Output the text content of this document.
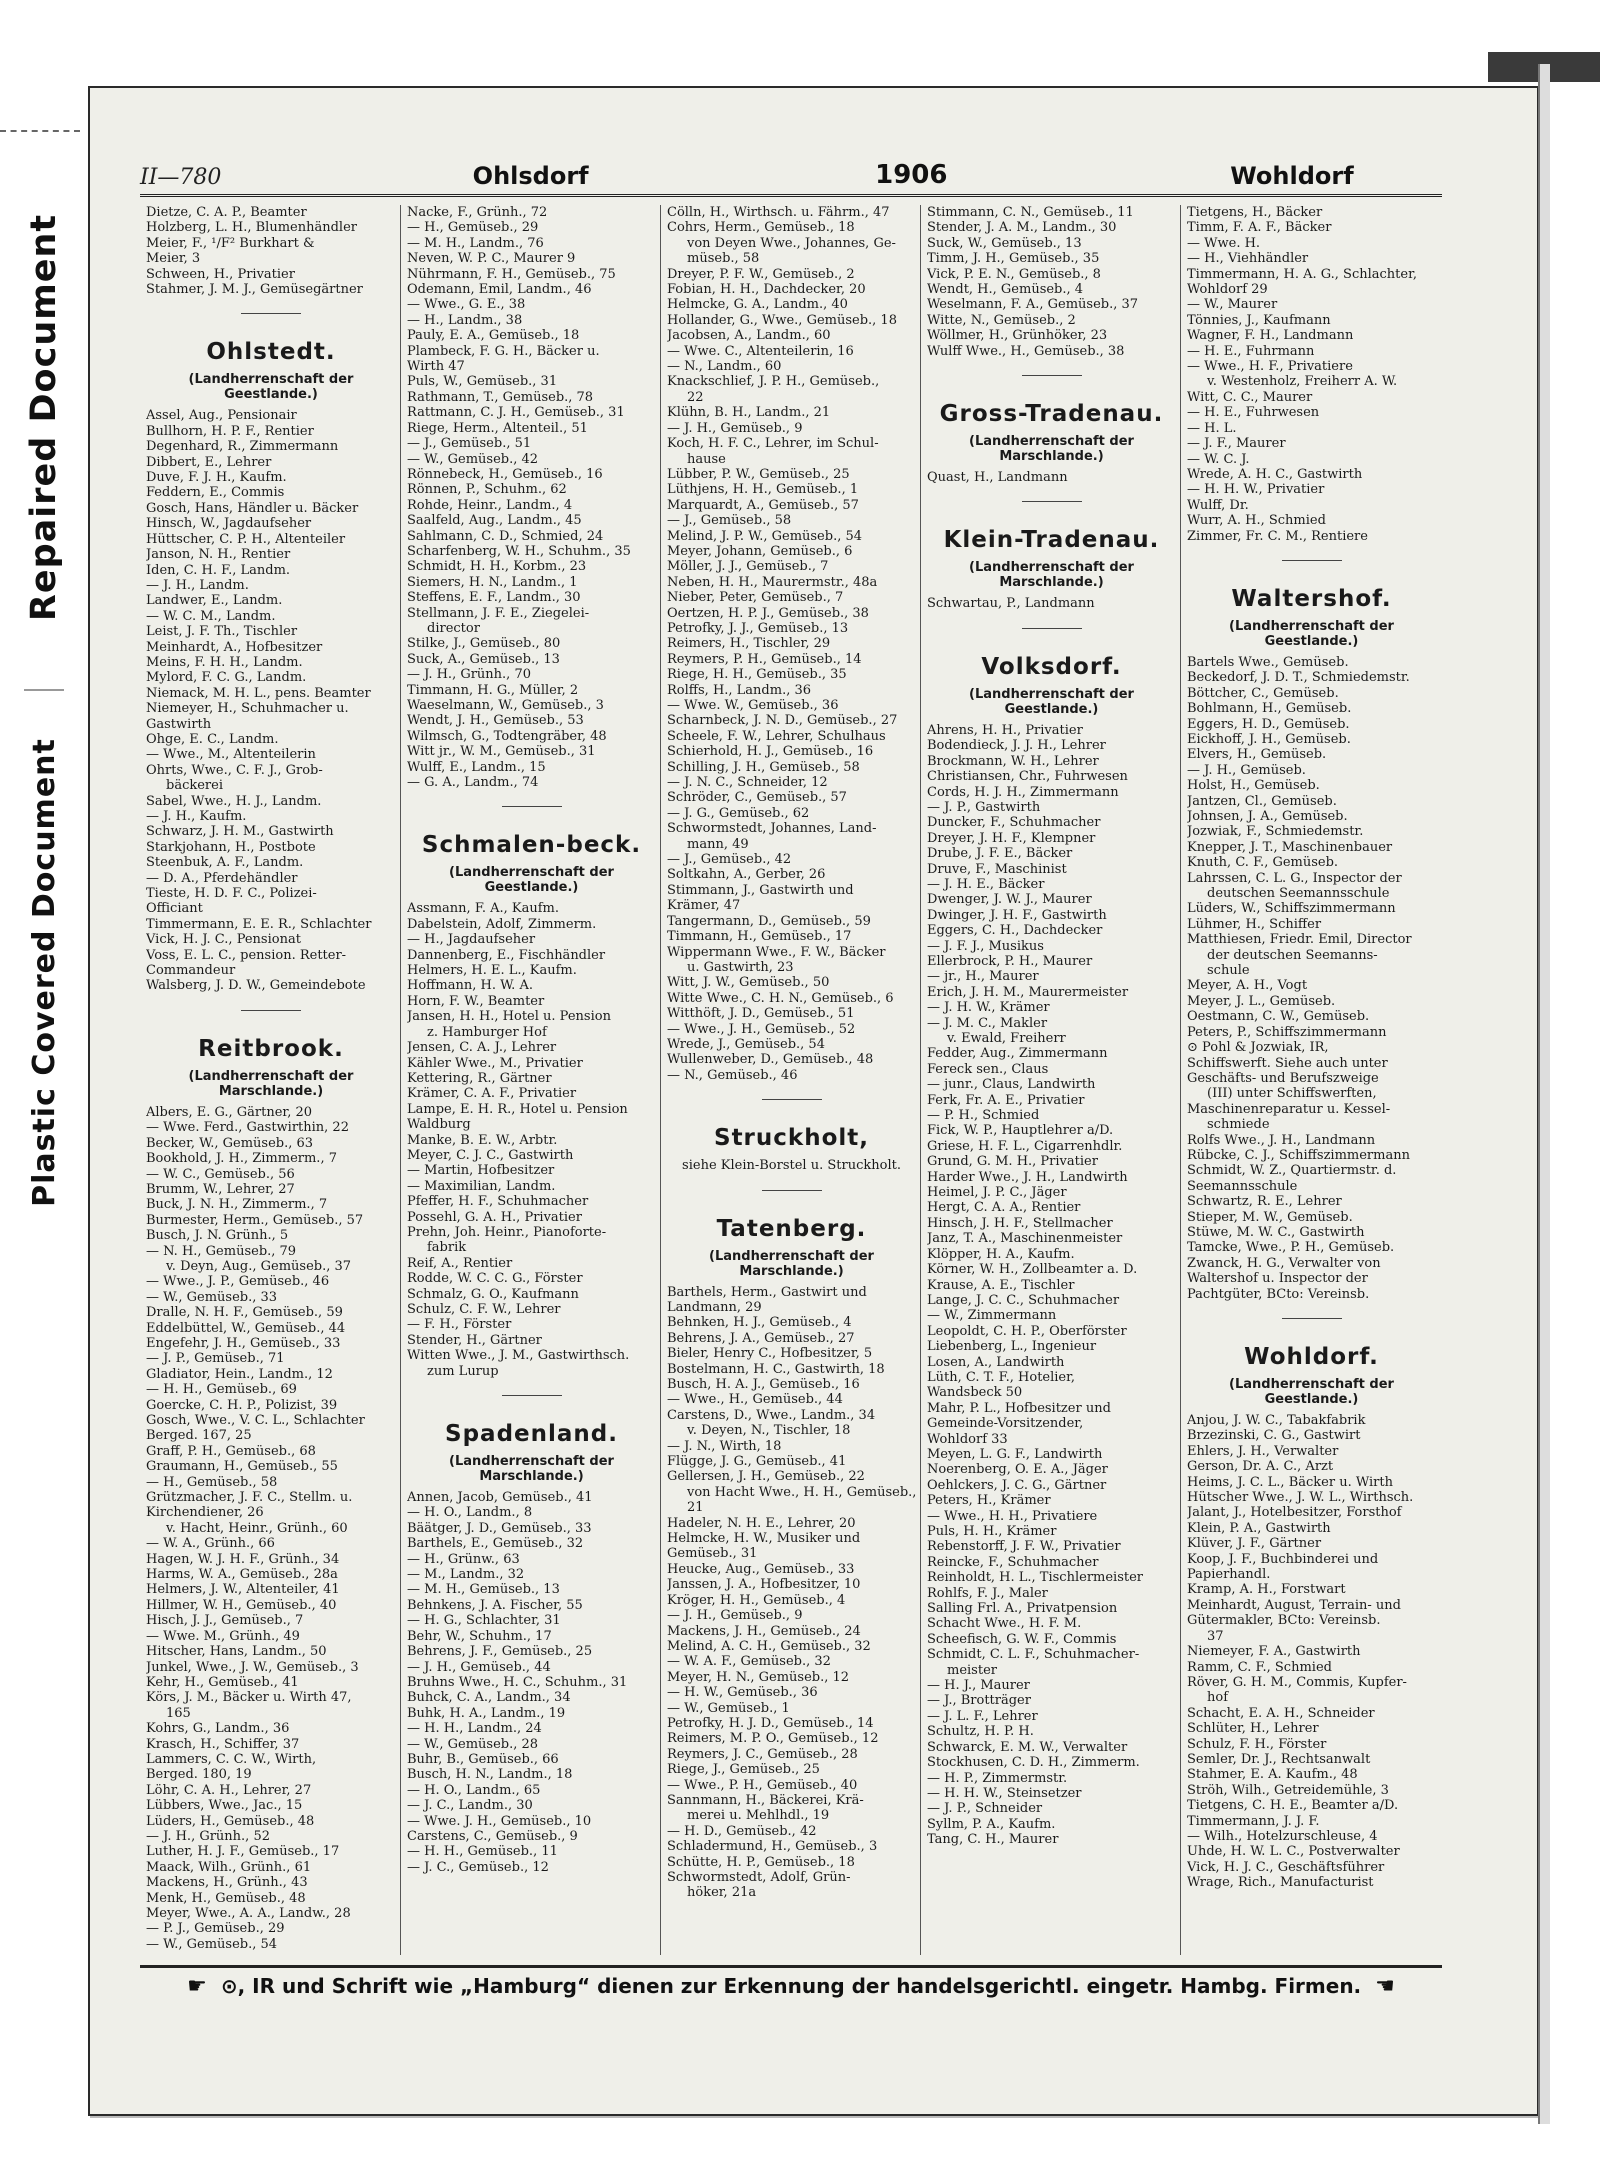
Repaired Document
Plastic Covered Document
II—780	Ohlsdorf	1906	Wohldorf
Dietze, C. A. P., Beamter
Holzberg, L. H., Blumenhändler
Meier, F., ¹/F² Burkhart &
Meier, 3
Schween, H., Privatier
Stahmer, J. M. J., Gemüsegärtner
Ohlstedt.
(Landherrenschaft der Geestlande.)
Assel, Aug., Pensionair
Bullhorn, H. P. F., Rentier
Degenhard, R., Zimmermann
Dibbert, E., Lehrer
Duve, F. J. H., Kaufm.
Feddern, E., Commis
Gosch, Hans, Händler u. Bäcker
Hinsch, W., Jagdaufseher
Hüttscher, C. P. H., Altenteiler
Janson, N. H., Rentier
Iden, C. H. F., Landm.
— J. H., Landm.
Landwer, E., Landm.
— W. C. M., Landm.
Leist, J. F. Th., Tischler
Meinhardt, A., Hofbesitzer
Meins, F. H. H., Landm.
Mylord, F. C. G., Landm.
Niemack, M. H. L., pens. Beamter
Niemeyer, H., Schuhmacher u.
Gastwirth
Ohge, E. C., Landm.
— Wwe., M., Altenteilerin
Ohrts, Wwe., C. F. J., Grob-
bäckerei
Sabel, Wwe., H. J., Landm.
— J. H., Kaufm.
Schwarz, J. H. M., Gastwirth
Starkjohann, H., Postbote
Steenbuk, A. F., Landm.
— D. A., Pferdehändler
Tieste, H. D. F. C., Polizei-
Officiant
Timmermann, E. E. R., Schlachter
Vick, H. J. C., Pensionat
Voss, E. L. C., pension. Retter-
Commandeur
Walsberg, J. D. W., Gemeindebote
Reitbrook.
(Landherrenschaft der Marschlande.)
Albers, E. G., Gärtner, 20
— Wwe. Ferd., Gastwirthin, 22
Becker, W., Gemüseb., 63
Bookhold, J. H., Zimmerm., 7
— W. C., Gemüseb., 56
Brumm, W., Lehrer, 27
Buck, J. N. H., Zimmerm., 7
Burmester, Herm., Gemüseb., 57
Busch, J. N. Grünh., 5
— N. H., Gemüseb., 79
v. Deyn, Aug., Gemüseb., 37
— Wwe., J. P., Gemüseb., 46
— W., Gemüseb., 33
Dralle, N. H. F., Gemüseb., 59
Eddelbüttel, W., Gemüseb., 44
Engefehr, J. H., Gemüseb., 33
— J. P., Gemüseb., 71
Gladiator, Hein., Landm., 12
— H. H., Gemüseb., 69
Goercke, C. H. P., Polizist, 39
Gosch, Wwe., V. C. L., Schlachter
Berged. 167, 25
Graff, P. H., Gemüseb., 68
Graumann, H., Gemüseb., 55
— H., Gemüseb., 58
Grützmacher, J. F. C., Stellm. u.
Kirchendiener, 26
v. Hacht, Heinr., Grünh., 60
— W. A., Grünh., 66
Hagen, W. J. H. F., Grünh., 34
Harms, W. A., Gemüseb., 28a
Helmers, J. W., Altenteiler, 41
Hillmer, W. H., Gemüseb., 40
Hisch, J. J., Gemüseb., 7
— Wwe. M., Grünh., 49
Hitscher, Hans, Landm., 50
Junkel, Wwe., J. W., Gemüseb., 3
Kehr, H., Gemüseb., 41
Körs, J. M., Bäcker u. Wirth 47,
165
Kohrs, G., Landm., 36
Krasch, H., Schiffer, 37
Lammers, C. C. W., Wirth,
Berged. 180, 19
Löhr, C. A. H., Lehrer, 27
Lübbers, Wwe., Jac., 15
Lüders, H., Gemüseb., 48
— J. H., Grünh., 52
Luther, H. J. F., Gemüseb., 17
Maack, Wilh., Grünh., 61
Mackens, H., Grünh., 43
Menk, H., Gemüseb., 48
Meyer, Wwe., A. A., Landw., 28
— P. J., Gemüseb., 29
— W., Gemüseb., 54
Nacke, F., Grünh., 72
— H., Gemüseb., 29
— M. H., Landm., 76
Neven, W. P. C., Maurer 9
Nührmann, F. H., Gemüseb., 75
Odemann, Emil, Landm., 46
— Wwe., G. E., 38
— H., Landm., 38
Pauly, E. A., Gemüseb., 18
Plambeck, F. G. H., Bäcker u.
Wirth 47
Puls, W., Gemüseb., 31
Rathmann, T., Gemüseb., 78
Rattmann, C. J. H., Gemüseb., 31
Riege, Herm., Altenteil., 51
— J., Gemüseb., 51
— W., Gemüseb., 42
Rönnebeck, H., Gemüseb., 16
Rönnen, P., Schuhm., 62
Rohde, Heinr., Landm., 4
Saalfeld, Aug., Landm., 45
Sahlmann, C. D., Schmied, 24
Scharfenberg, W. H., Schuhm., 35
Schmidt, H. H., Korbm., 23
Siemers, H. N., Landm., 1
Steffens, E. F., Landm., 30
Stellmann, J. F. E., Ziegelei-
director
Stilke, J., Gemüseb., 80
Suck, A., Gemüseb., 13
— J. H., Grünh., 70
Timmann, H. G., Müller, 2
Waeselmann, W., Gemüseb., 3
Wendt, J. H., Gemüseb., 53
Wilmsch, G., Todtengräber, 48
Witt jr., W. M., Gemüseb., 31
Wulff, E., Landm., 15
— G. A., Landm., 74
Schmalen-beck.
(Landherrenschaft der Geestlande.)
Assmann, F. A., Kaufm.
Dabelstein, Adolf, Zimmerm.
— H., Jagdaufseher
Dannenberg, E., Fischhändler
Helmers, H. E. L., Kaufm.
Hoffmann, H. W. A.
Horn, F. W., Beamter
Jansen, H. H., Hotel u. Pension
z. Hamburger Hof
Jensen, C. A. J., Lehrer
Kähler Wwe., M., Privatier
Kettering, R., Gärtner
Krämer, C. A. F., Privatier
Lampe, E. H. R., Hotel u. Pension
Waldburg
Manke, B. E. W., Arbtr.
Meyer, C. J. C., Gastwirth
— Martin, Hofbesitzer
— Maximilian, Landm.
Pfeffer, H. F., Schuhmacher
Possehl, G. A. H., Privatier
Prehn, Joh. Heinr., Pianoforte-
fabrik
Reif, A., Rentier
Rodde, W. C. C. G., Förster
Schmalz, G. O., Kaufmann
Schulz, C. F. W., Lehrer
— F. H., Förster
Stender, H., Gärtner
Witten Wwe., J. M., Gastwirthsch.
zum Lurup
Spadenland.
(Landherrenschaft der Marschlande.)
Annen, Jacob, Gemüseb., 41
— H. O., Landm., 8
Bäätger, J. D., Gemüseb., 33
Barthels, E., Gemüseb., 32
— H., Grünw., 63
— M., Landm., 32
— M. H., Gemüseb., 13
Behnkens, J. A. Fischer, 55
— H. G., Schlachter, 31
Behr, W., Schuhm., 17
Behrens, J. F., Gemüseb., 25
— J. H., Gemüseb., 44
Bruhns Wwe., H. C., Schuhm., 31
Buhck, C. A., Landm., 34
Buhk, H. A., Landm., 19
— H. H., Landm., 24
— W., Gemüseb., 28
Buhr, B., Gemüseb., 66
Busch, H. N., Landm., 18
— H. O., Landm., 65
— J. C., Landm., 30
— Wwe. J. H., Gemüseb., 10
Carstens, C., Gemüseb., 9
— H. H., Gemüseb., 11
— J. C., Gemüseb., 12
Cölln, H., Wirthsch. u. Fährm., 47
Cohrs, Herm., Gemüseb., 18
von Deyen Wwe., Johannes, Ge-
müseb., 58
Dreyer, P. F. W., Gemüseb., 2
Fobian, H. H., Dachdecker, 20
Helmcke, G. A., Landm., 40
Hollander, G., Wwe., Gemüseb., 18
Jacobsen, A., Landm., 60
— Wwe. C., Altenteilerin, 16
— N., Landm., 60
Knackschlief, J. P. H., Gemüseb.,
22
Klühn, B. H., Landm., 21
— J. H., Gemüseb., 9
Koch, H. F. C., Lehrer, im Schul-
hause
Lübber, P. W., Gemüseb., 25
Lüthjens, H. H., Gemüseb., 1
Marquardt, A., Gemüseb., 57
— J., Gemüseb., 58
Melind, J. P. W., Gemüseb., 54
Meyer, Johann, Gemüseb., 6
Möller, J. J., Gemüseb., 7
Neben, H. H., Maurermstr., 48a
Nieber, Peter, Gemüseb., 7
Oertzen, H. P. J., Gemüseb., 38
Petrofky, J. J., Gemüseb., 13
Reimers, H., Tischler, 29
Reymers, P. H., Gemüseb., 14
Riege, H. H., Gemüseb., 35
Rolffs, H., Landm., 36
— Wwe. W., Gemüseb., 36
Scharnbeck, J. N. D., Gemüseb., 27
Scheele, F. W., Lehrer, Schulhaus
Schierhold, H. J., Gemüseb., 16
Schilling, J. H., Gemüseb., 58
— J. N. C., Schneider, 12
Schröder, C., Gemüseb., 57
— J. G., Gemüseb., 62
Schwormstedt, Johannes, Land-
mann, 49
— J., Gemüseb., 42
Soltkahn, A., Gerber, 26
Stimmann, J., Gastwirth und
Krämer, 47
Tangermann, D., Gemüseb., 59
Timmann, H., Gemüseb., 17
Wippermann Wwe., F. W., Bäcker
u. Gastwirth, 23
Witt, J. W., Gemüseb., 50
Witte Wwe., C. H. N., Gemüseb., 6
Witthöft, J. D., Gemüseb., 51
— Wwe., J. H., Gemüseb., 52
Wrede, J., Gemüseb., 54
Wullenweber, D., Gemüseb., 48
— N., Gemüseb., 46
Struckholt,
siehe Klein-Borstel u. Struckholt.
Tatenberg.
(Landherrenschaft der Marschlande.)
Barthels, Herm., Gastwirt und
Landmann, 29
Behnken, H. J., Gemüseb., 4
Behrens, J. A., Gemüseb., 27
Bieler, Henry C., Hofbesitzer, 5
Bostelmann, H. C., Gastwirth, 18
Busch, H. A. J., Gemüseb., 16
— Wwe., H., Gemüseb., 44
Carstens, D., Wwe., Landm., 34
v. Deyen, N., Tischler, 18
— J. N., Wirth, 18
Flügge, J. G., Gemüseb., 41
Gellersen, J. H., Gemüseb., 22
von Hacht Wwe., H. H., Gemüseb.,
21
Hadeler, N. H. E., Lehrer, 20
Helmcke, H. W., Musiker und
Gemüseb., 31
Heucke, Aug., Gemüseb., 33
Janssen, J. A., Hofbesitzer, 10
Kröger, H. H., Gemüseb., 4
— J. H., Gemüseb., 9
Mackens, J. H., Gemüseb., 24
Melind, A. C. H., Gemüseb., 32
— W. A. F., Gemüseb., 32
Meyer, H. N., Gemüseb., 12
— H. W., Gemüseb., 36
— W., Gemüseb., 1
Petrofky, H. J. D., Gemüseb., 14
Reimers, M. P. O., Gemüseb., 12
Reymers, J. C., Gemüseb., 28
Riege, J., Gemüseb., 25
— Wwe., P. H., Gemüseb., 40
Sannmann, H., Bäckerei, Krä-
merei u. Mehlhdl., 19
— H. D., Gemüseb., 42
Schladermund, H., Gemüseb., 3
Schütte, H. P., Gemüseb., 18
Schwormstedt, Adolf, Grün-
höker, 21a
Stimmann, C. N., Gemüseb., 11
Stender, J. A. M., Landm., 30
Suck, W., Gemüseb., 13
Timm, J. H., Gemüseb., 35
Vick, P. E. N., Gemüseb., 8
Wendt, H., Gemüseb., 4
Weselmann, F. A., Gemüseb., 37
Witte, N., Gemüseb., 2
Wöllmer, H., Grünhöker, 23
Wulff Wwe., H., Gemüseb., 38
Gross-Tradenau.
(Landherrenschaft der Marschlande.)
Quast, H., Landmann
Klein-Tradenau.
(Landherrenschaft der Marschlande.)
Schwartau, P., Landmann
Volksdorf.
(Landherrenschaft der Geestlande.)
Ahrens, H. H., Privatier
Bodendieck, J. J. H., Lehrer
Brockmann, W. H., Lehrer
Christiansen, Chr., Fuhrwesen
Cords, H. J. H., Zimmermann
— J. P., Gastwirth
Duncker, F., Schuhmacher
Dreyer, J. H. F., Klempner
Drube, J. F. E., Bäcker
Druve, F., Maschinist
— J. H. E., Bäcker
Dwenger, J. W. J., Maurer
Dwinger, J. H. F., Gastwirth
Eggers, C. H., Dachdecker
— J. F. J., Musikus
Ellerbrock, P. H., Maurer
— jr., H., Maurer
Erich, J. H. M., Maurermeister
— J. H. W., Krämer
— J. M. C., Makler
v. Ewald, Freiherr
Fedder, Aug., Zimmermann
Fereck sen., Claus
— junr., Claus, Landwirth
Ferk, Fr. A. E., Privatier
— P. H., Schmied
Fick, W. P., Hauptlehrer a/D.
Griese, H. F. L., Cigarrenhdlr.
Grund, G. M. H., Privatier
Harder Wwe., J. H., Landwirth
Heimel, J. P. C., Jäger
Hergt, C. A. A., Rentier
Hinsch, J. H. F., Stellmacher
Janz, T. A., Maschinenmeister
Klöpper, H. A., Kaufm.
Körner, W. H., Zollbeamter a. D.
Krause, A. E., Tischler
Lange, J. C. C., Schuhmacher
— W., Zimmermann
Leopoldt, C. H. P., Oberförster
Liebenberg, L., Ingenieur
Losen, A., Landwirth
Lüth, C. T. F., Hotelier,
Wandsbeck 50
Mahr, P. L., Hofbesitzer und
Gemeinde-Vorsitzender,
Wohldorf 33
Meyen, L. G. F., Landwirth
Noerenberg, O. E. A., Jäger
Oehlckers, J. C. G., Gärtner
Peters, H., Krämer
— Wwe., H. H., Privatiere
Puls, H. H., Krämer
Rebenstorff, J. F. W., Privatier
Reincke, F., Schuhmacher
Reinholdt, H. L., Tischlermeister
Rohlfs, F. J., Maler
Salling Frl. A., Privatpension
Schacht Wwe., H. F. M.
Scheefisch, G. W. F., Commis
Schmidt, C. L. F., Schuhmacher-
meister
— H. J., Maurer
— J., Brotträger
— J. L. F., Lehrer
Schultz, H. P. H.
Schwarck, E. M. W., Verwalter
Stockhusen, C. D. H., Zimmerm.
— H. P., Zimmermstr.
— H. H. W., Steinsetzer
— J. P., Schneider
Syllm, P. A., Kaufm.
Tang, C. H., Maurer
Tietgens, H., Bäcker
Timm, F. A. F., Bäcker
— Wwe. H.
— H., Viehhändler
Timmermann, H. A. G., Schlachter,
Wohldorf 29
— W., Maurer
Tönnies, J., Kaufmann
Wagner, F. H., Landmann
— H. E., Fuhrmann
— Wwe., H. F., Privatiere
v. Westenholz, Freiherr A. W.
Witt, C. C., Maurer
— H. E., Fuhrwesen
— H. L.
— J. F., Maurer
— W. C. J.
Wrede, A. H. C., Gastwirth
— H. H. W., Privatier
Wulff, Dr.
Wurr, A. H., Schmied
Zimmer, Fr. C. M., Rentiere
Waltershof.
(Landherrenschaft der Geestlande.)
Bartels Wwe., Gemüseb.
Beckedorf, J. D. T., Schmiedemstr.
Böttcher, C., Gemüseb.
Bohlmann, H., Gemüseb.
Eggers, H. D., Gemüseb.
Eickhoff, J. H., Gemüseb.
Elvers, H., Gemüseb.
— J. H., Gemüseb.
Holst, H., Gemüseb.
Jantzen, Cl., Gemüseb.
Johnsen, J. A., Gemüseb.
Jozwiak, F., Schmiedemstr.
Knepper, J. T., Maschinenbauer
Knuth, C. F., Gemüseb.
Lahrssen, C. L. G., Inspector der
deutschen Seemannsschule
Lüders, W., Schiffszimmermann
Lühmer, H., Schiffer
Matthiesen, Friedr. Emil, Director
der deutschen Seemanns-
schule
Meyer, A. H., Vogt
Meyer, J. L., Gemüseb.
Oestmann, C. W., Gemüseb.
Peters, P., Schiffszimmermann
⊙ Pohl & Jozwiak, IR,
Schiffswerft. Siehe auch unter
Geschäfts- und Berufszweige
(III) unter Schiffswerften,
Maschinenreparatur u. Kessel-
schmiede
Rolfs Wwe., J. H., Landmann
Rübcke, C. J., Schiffszimmermann
Schmidt, W. Z., Quartiermstr. d.
Seemannsschule
Schwartz, R. E., Lehrer
Stieper, M. W., Gemüseb.
Stüwe, M. W. C., Gastwirth
Tamcke, Wwe., P. H., Gemüseb.
Zwanck, H. G., Verwalter von
Waltershof u. Inspector der
Pachtgüter, BCto: Vereinsb.
Wohldorf.
(Landherrenschaft der Geestlande.)
Anjou, J. W. C., Tabakfabrik
Brzezinski, C. G., Gastwirt
Ehlers, J. H., Verwalter
Gerson, Dr. A. C., Arzt
Heims, J. C. L., Bäcker u. Wirth
Hütscher Wwe., J. W. L., Wirthsch.
Jalant, J., Hotelbesitzer, Forsthof
Klein, P. A., Gastwirth
Klüver, J. F., Gärtner
Koop, J. F., Buchbinderei und
Papierhandl.
Kramp, A. H., Forstwart
Meinhardt, August, Terrain- und
Gütermakler, BCto: Vereinsb.
37
Niemeyer, F. A., Gastwirth
Ramm, C. F., Schmied
Röver, G. H. M., Commis, Kupfer-
hof
Schacht, E. A. H., Schneider
Schlüter, H., Lehrer
Schulz, F. H., Förster
Semler, Dr. J., Rechtsanwalt
Stahmer, E. A. Kaufm., 48
Ströh, Wilh., Getreidemühle, 3
Tietgens, C. H. E., Beamter a/D.
Timmermann, J. J. F.
— Wilh., Hotelzurschleuse, 4
Uhde, H. W. L. C., Postverwalter
Vick, H. J. C., Geschäftsführer
Wrage, Rich., Manufacturist
☛ ⊙, IR und Schrift wie „Hamburg“ dienen zur Erkennung der handelsgerichtl. eingetr. Hambg. Firmen. ☚
